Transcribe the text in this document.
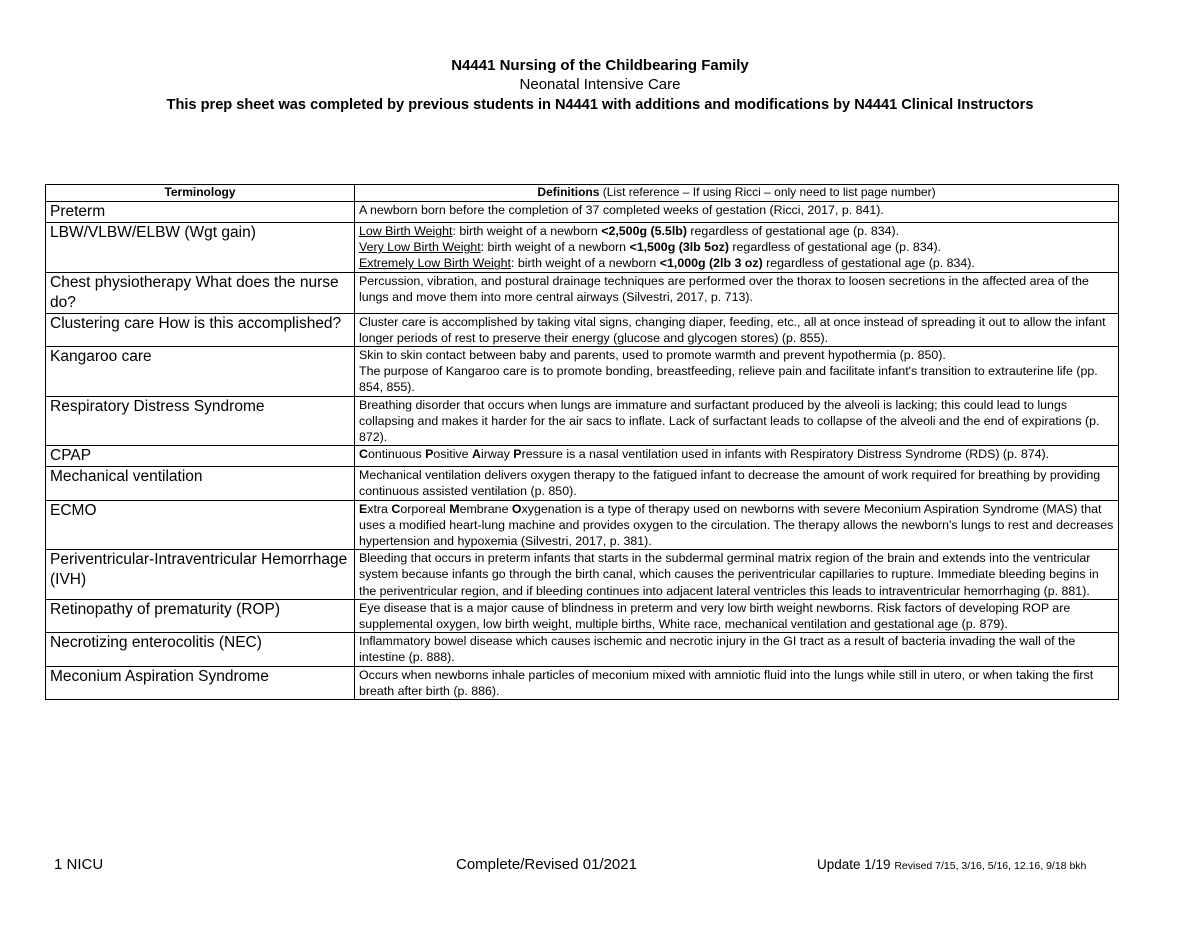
N4441 Nursing of the Childbearing Family
Neonatal Intensive Care
This prep sheet was completed by previous students in N4441 with additions and modifications by N4441 Clinical Instructors
Terminology	Definitions (List reference – If using Ricci – only need to list page number)
Preterm	A newborn born before the completion of 37 completed weeks of gestation (Ricci, 2017, p. 841).
LBW/VLBW/ELBW (Wgt gain)	Low Birth Weight: birth weight of a newborn <2,500g (5.5lb) regardless of gestational age (p. 834).
Very Low Birth Weight: birth weight of a newborn <1,500g (3lb 5oz) regardless of gestational age (p. 834).
Extremely Low Birth Weight: birth weight of a newborn <1,000g (2lb 3 oz) regardless of gestational age (p. 834).

Chest physiotherapy What does the nurse do?	Percussion, vibration, and postural drainage techniques are performed over the thorax to loosen secretions in the affected area of the lungs and move them into more central airways (Silvestri, 2017, p. 713).
Clustering care How is this accomplished?	Cluster care is accomplished by taking vital signs, changing diaper, feeding, etc., all at once instead of spreading it out to allow the infant longer periods of rest to preserve their energy (glucose and glycogen stores) (p. 855).
Kangaroo care	Skin to skin contact between baby and parents, used to promote warmth and prevent hypothermia (p. 850).
The purpose of Kangaroo care is to promote bonding, breastfeeding, relieve pain and facilitate infant's transition to extrauterine life (pp. 854, 855).

Respiratory Distress Syndrome	Breathing disorder that occurs when lungs are immature and surfactant produced by the alveoli is lacking; this could lead to lungs collapsing and makes it harder for the air sacs to inflate. Lack of surfactant leads to collapse of the alveoli and the end of expirations (p. 872).
CPAP	Continuous Positive Airway Pressure is a nasal ventilation used in infants with Respiratory Distress Syndrome (RDS) (p. 874).
Mechanical ventilation	Mechanical ventilation delivers oxygen therapy to the fatigued infant to decrease the amount of work required for breathing by providing continuous assisted ventilation (p. 850).
ECMO	Extra Corporeal Membrane Oxygenation is a type of therapy used on newborns with severe Meconium Aspiration Syndrome (MAS) that uses a modified heart-lung machine and provides oxygen to the circulation. The therapy allows the newborn's lungs to rest and decreases hypertension and hypoxemia (Silvestri, 2017, p. 381).
Periventricular-Intraventricular Hemorrhage (IVH)	Bleeding that occurs in preterm infants that starts in the subdermal germinal matrix region of the brain and extends into the ventricular system because infants go through the birth canal, which causes the periventricular capillaries to rupture. Immediate bleeding begins in the periventricular region, and if bleeding continues into adjacent lateral ventricles this leads to intraventricular hemorrhaging (p. 881).
Retinopathy of prematurity (ROP)	Eye disease that is a major cause of blindness in preterm and very low birth weight newborns. Risk factors of developing ROP are supplemental oxygen, low birth weight, multiple births, White race, mechanical ventilation and gestational age (p. 879).
Necrotizing enterocolitis (NEC)	Inflammatory bowel disease which causes ischemic and necrotic injury in the GI tract as a result of bacteria invading the wall of the intestine (p. 888).
Meconium Aspiration Syndrome	Occurs when newborns inhale particles of meconium mixed with amniotic fluid into the lungs while still in utero, or when taking the first breath after birth (p. 886).
1 NICU	Complete/Revised 01/2021	Update 1/19 Revised 7/15, 3/16, 5/16, 12.16, 9/18 bkh
